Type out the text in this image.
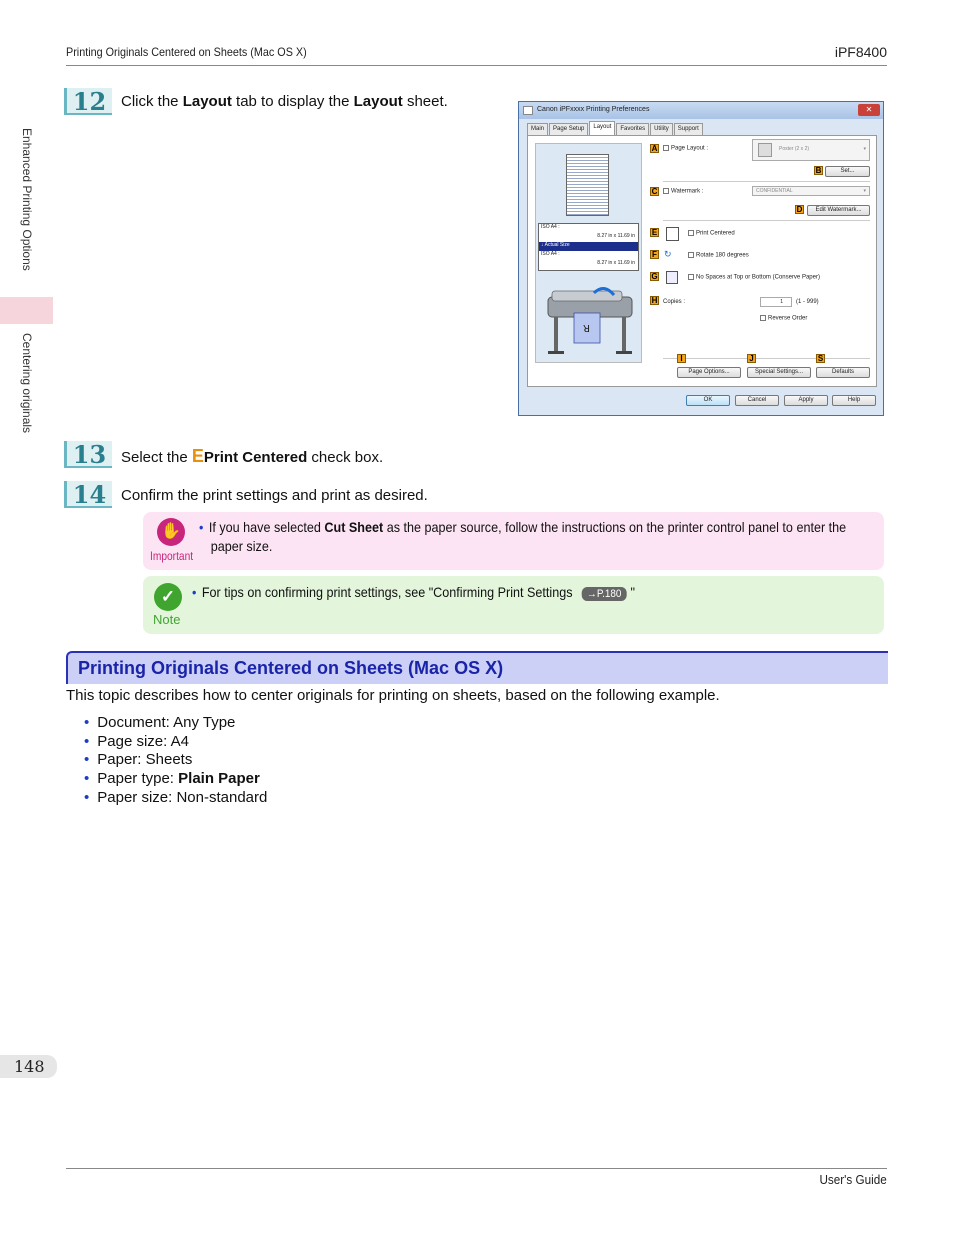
Printing Originals Centered on Sheets (Mac OS X)	iPF8400
Enhanced Printing Options
Centering originals
12 Click the Layout tab to display the Layout sheet.	Canon iPFxxxx Printing Preferences	✕
Main	Page Setup	Layout	Favorites	Utility	Support
ISO A4 :
8.27 in x 11.69 in
↓ Actual Size
ISO A4 :
8.27 in x 11.69 in
R
A	Page Layout :	Poster (2 x 2)	▾
B	Set...
C	Watermark :	CONFIDENTIAL	▾
D	Edit Watermark...
E	Print Centered
F ↻	Rotate 180 degrees
G	No Spaces at Top or Bottom (Conserve Paper)
H Copies :	1	(1 - 999)
Reverse Order
I	J	S
Page Options...	Special Settings...	Defaults
OK	Cancel	Apply	Help
13 Select the EPrint Centered check box.
14 Confirm the print settings and print as desired.
✋
Important
• If you have selected Cut Sheet as the paper source, follow the instructions on the printer control panel to enter the
paper size.
✓
Note
• For tips on confirming print settings, see "Confirming Print Settings →P.180 "
Printing Originals Centered on Sheets (Mac OS X)
This topic describes how to center originals for printing on sheets, based on the following example.
• Document: Any Type
• Page size: A4
• Paper: Sheets
• Paper type: Plain Paper
• Paper size: Non-standard
148
User's Guide
